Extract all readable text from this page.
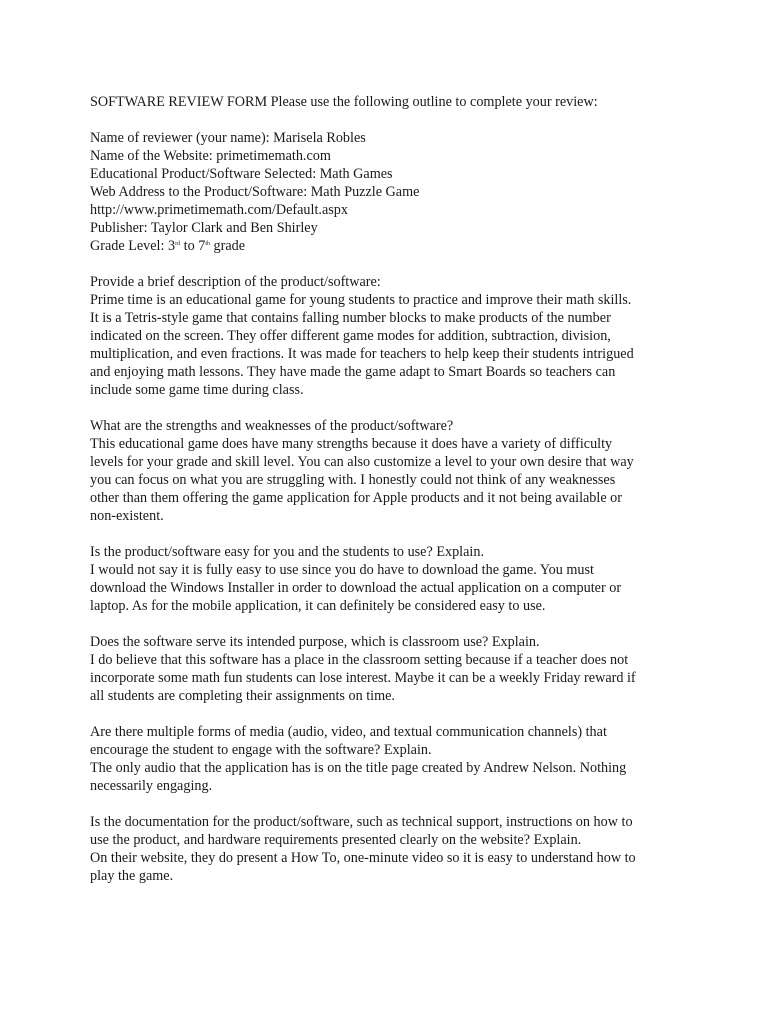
SOFTWARE REVIEW FORM Please use the following outline to complete your review:
Name of reviewer (your name): Marisela Robles
Name of the Website: primetimemath.com
Educational Product/Software Selected: Math Games
Web Address to the Product/Software: Math Puzzle Game
http://www.primetimemath.com/Default.aspx
Publisher: Taylor Clark and Ben Shirley
Grade Level: 3rd to 7th grade
Provide a brief description of the product/software:
Prime time is an educational game for young students to practice and improve their math skills.
It is a Tetris-style game that contains falling number blocks to make products of the number
indicated on the screen. They offer different game modes for addition, subtraction, division,
multiplication, and even fractions. It was made for teachers to help keep their students intrigued
and enjoying math lessons. They have made the game adapt to Smart Boards so teachers can
include some game time during class.
What are the strengths and weaknesses of the product/software?
This educational game does have many strengths because it does have a variety of difficulty
levels for your grade and skill level. You can also customize a level to your own desire that way
you can focus on what you are struggling with. I honestly could not think of any weaknesses
other than them offering the game application for Apple products and it not being available or
non-existent.
Is the product/software easy for you and the students to use? Explain.
I would not say it is fully easy to use since you do have to download the game. You must
download the Windows Installer in order to download the actual application on a computer or
laptop. As for the mobile application, it can definitely be considered easy to use.
Does the software serve its intended purpose, which is classroom use? Explain.
I do believe that this software has a place in the classroom setting because if a teacher does not
incorporate some math fun students can lose interest. Maybe it can be a weekly Friday reward if
all students are completing their assignments on time.
Are there multiple forms of media (audio, video, and textual communication channels) that
encourage the student to engage with the software? Explain.
The only audio that the application has is on the title page created by Andrew Nelson. Nothing
necessarily engaging.
Is the documentation for the product/software, such as technical support, instructions on how to
use the product, and hardware requirements presented clearly on the website? Explain.
On their website, they do present a How To, one-minute video so it is easy to understand how to
play the game.
